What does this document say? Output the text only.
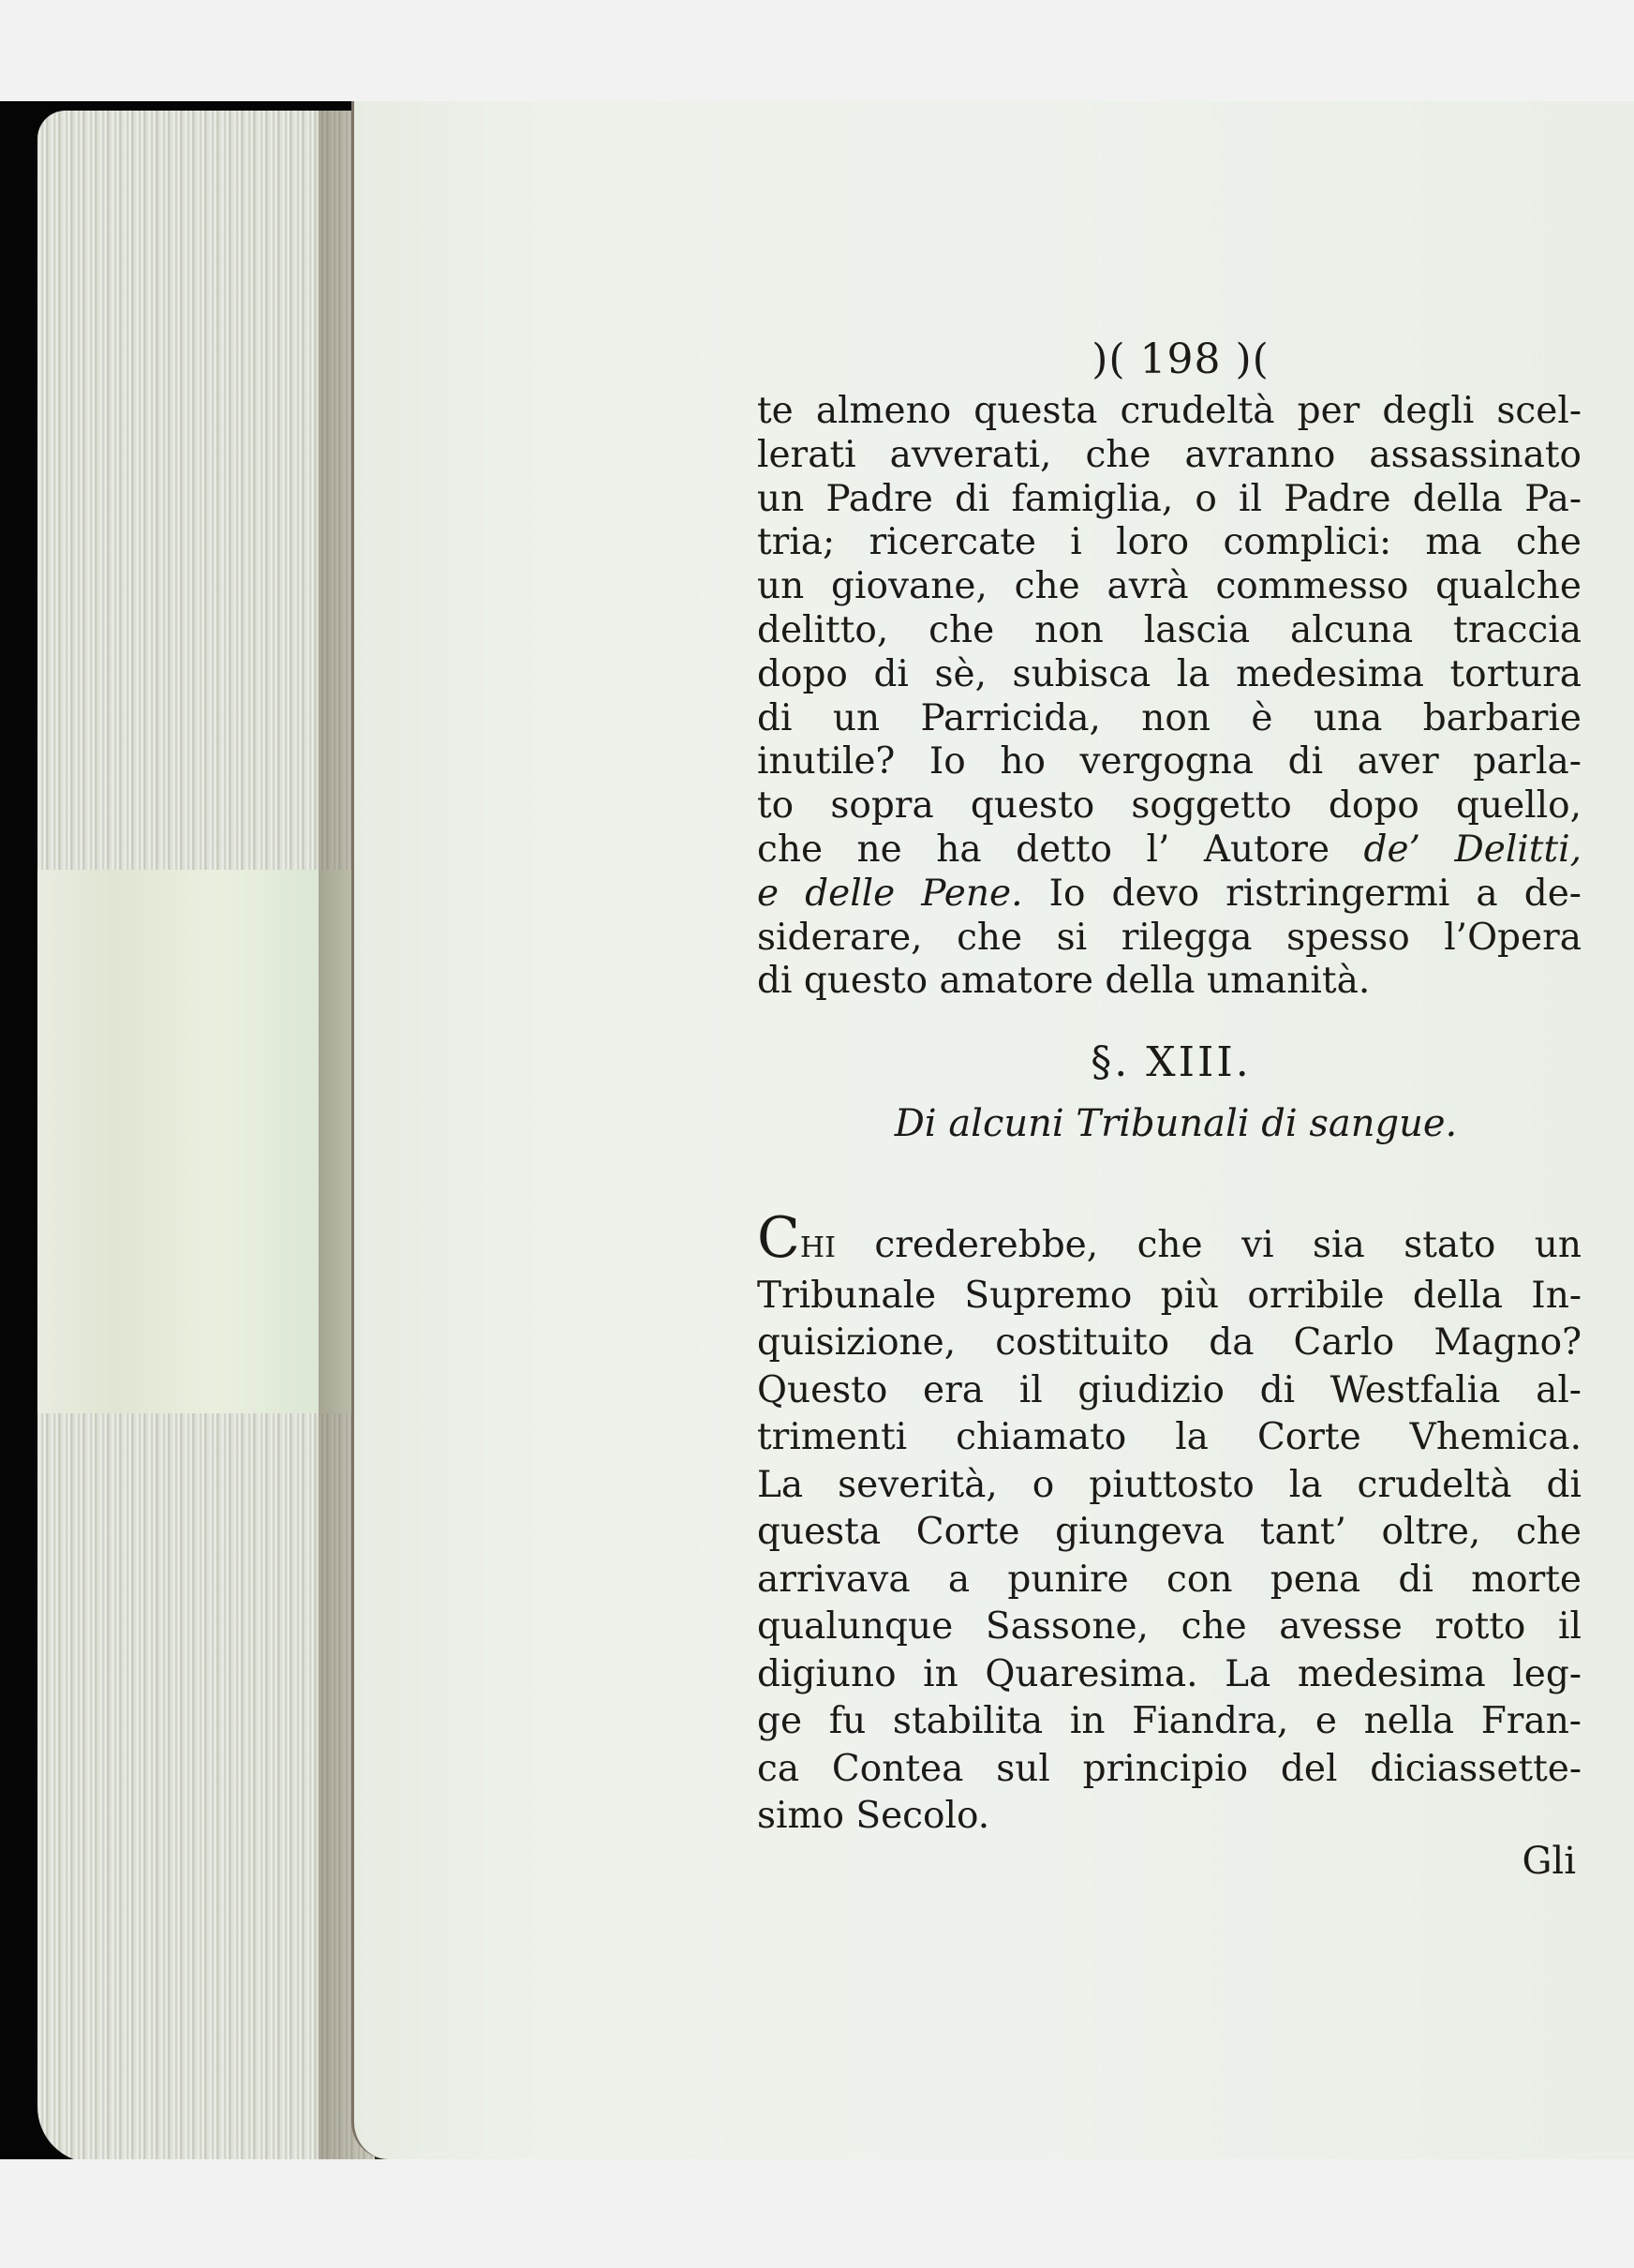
)( 198 )(
te almeno questa crudeltà per degli scel-
lerati avverati, che avranno assassinato
un Padre di famiglia, o il Padre della Pa-
tria; ricercate i loro complici: ma che
un giovane, che avrà commesso qualche
delitto, che non lascia alcuna traccia
dopo di sè, subisca la medesima tortura
di un Parricida, non è una barbarie
inutile? Io ho vergogna di aver parla-
to sopra questo soggetto dopo quello,
che ne ha detto l’ Autore de’ Delitti,
e delle Pene. Io devo ristringermi a de-
siderare, che si rilegga spesso l’Opera
di questo amatore della umanità.
§. XIII.
Di alcuni Tribunali di sangue.
CHI crederebbe, che vi sia stato un
Tribunale Supremo più orribile della In-
quisizione, costituito da Carlo Magno?
Questo era il giudizio di Westfalia al-
trimenti chiamato la Corte Vhemica.
La severità, o piuttosto la crudeltà di
questa Corte giungeva tant’ oltre, che
arrivava a punire con pena di morte
qualunque Sassone, che avesse rotto il
digiuno in Quaresima. La medesima leg-
ge fu stabilita in Fiandra, e nella Fran-
ca Contea sul principio del diciassette-
simo Secolo.
Gli
